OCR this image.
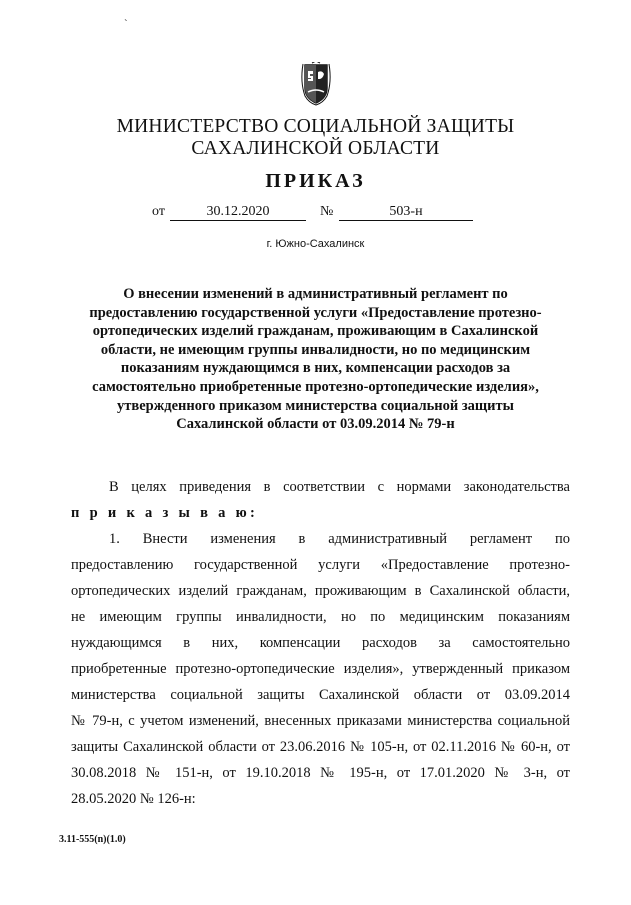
ˋ
МИНИСТЕРСТВО СОЦИАЛЬНОЙ ЗАЩИТЫ
САХАЛИНСКОЙ ОБЛАСТИ
ПРИКАЗ
от	30.12.2020	№	503-н
г. Южно-Сахалинск
О внесении изменений в административный регламент по
предоставлению государственной услуги «Предоставление протезно-
ортопедических изделий гражданам, проживающим в Сахалинской
области, не имеющим группы инвалидности, но по медицинским
показаниям нуждающимся в них, компенсации расходов за
самостоятельно приобретенные протезно-ортопедические изделия»,
утвержденного приказом министерства социальной защиты
Сахалинской области от 03.09.2014 № 79-н
В целях приведения в соответствии с нормами законодательства
п р и к а з ы в а ю:
1. Внести изменения в административный регламент по
предоставлению государственной услуги «Предоставление протезно-
ортопедических изделий гражданам, проживающим в Сахалинской области,
не имеющим группы инвалидности, но по медицинским показаниям
нуждающимся в них, компенсации расходов за самостоятельно
приобретенные протезно-ортопедические изделия», утвержденный приказом
министерства социальной защиты Сахалинской области от 03.09.2014
№ 79-н, с учетом изменений, внесенных приказами министерства социальной
защиты Сахалинской области от 23.06.2016 № 105-н, от 02.11.2016 № 60-н, от
30.08.2018 № 151-н, от 19.10.2018 № 195-н, от 17.01.2020 № 3-н, от
28.05.2020 № 126-н:
3.11-555(n)(1.0)
